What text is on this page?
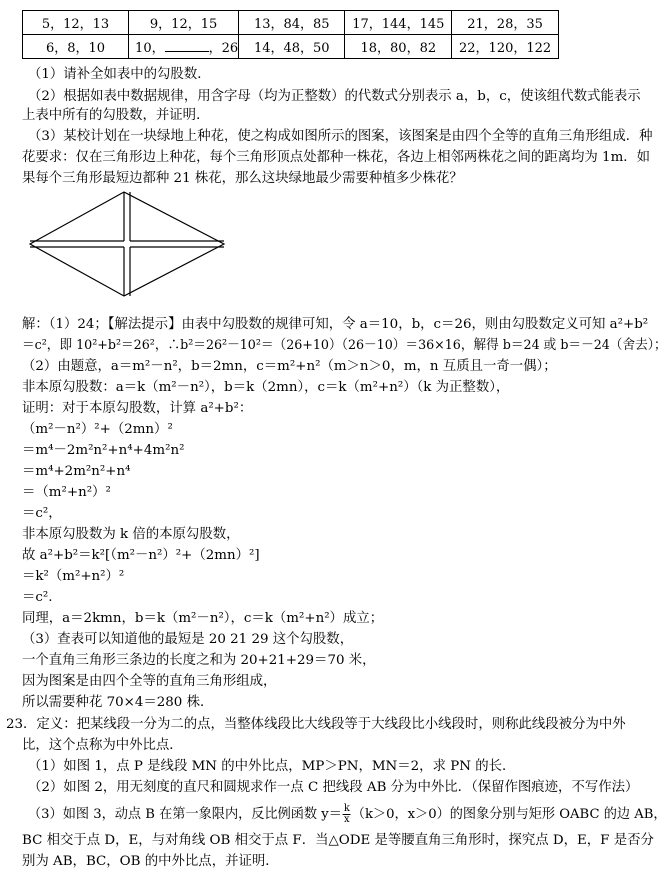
5，12，13	9，12，15	13，84，85	17，144，145	21，28，35
6，8，10	10， ，26	14，48，50	18，80，82	22，120，122
（1）请补全如表中的勾股数．
（2）根据如表中数据规律，用含字母（均为正整数）的代数式分别表示 a，b，c，使该组代数式能表示
上表中所有的勾股数，并证明．
（3）某校计划在一块绿地上种花，使之构成如图所示的图案，该图案是由四个全等的直角三角形组成．种
花要求：仅在三角形边上种花，每个三角形顶点处都种一株花，各边上相邻两株花之间的距离均为 1m．如
果每个三角形最短边都种 21 株花，那么这块绿地最少需要种植多少株花？
解：（1）24；【解法提示】由表中勾股数的规律可知，令 a＝10，b，c＝26，则由勾股数定义可知 a²+b²
＝c²，即 10²+b²＝26²，∴b²＝26²－10²＝（26+10）（26－10）＝36×16，解得 b＝24 或 b＝－24（舍去）；
（2）由题意，a＝m²－n²，b＝2mn，c＝m²+n²（m＞n＞0，m，n 互质且一奇一偶）；
非本原勾股数：a＝k（m²－n²），b＝k（2mn），c＝k（m²+n²）（k 为正整数），
证明：对于本原勾股数，计算 a²+b²：
（m²－n²）²+（2mn）²
＝m⁴－2m²n²+n⁴+4m²n²
＝m⁴+2m²n²+n⁴
＝（m²+n²）²
＝c²，
非本原勾股数为 k 倍的本原勾股数，
故 a²+b²＝k²[（m²－n²）²+（2mn）²]
＝k²（m²+n²）²
＝c².
同理，a＝2kmn，b＝k（m²－n²），c＝k（m²+n²）成立；
（3）查表可以知道他的最短是 20 21 29 这个勾股数，
一个直角三角形三条边的长度之和为 20+21+29＝70 米，
因为图案是由四个全等的直角三角形组成，
所以需要种花 70×4＝280 株．
23．定义：把某线段一分为二的点，当整体线段比大线段等于大线段比小线段时，则称此线段被分为中外
比，这个点称为中外比点．
（1）如图 1，点 P 是线段 MN 的中外比点，MP＞PN，MN＝2，求 PN 的长．
（2）如图 2，用无刻度的直尺和圆规求作一点 C 把线段 AB 分为中外比．（保留作图痕迹，不写作法）
（3）如图 3，动点 B 在第一象限内，反比例函数 $y= \frac{k}{x} (k>0$，x＞0）的图象分别与矩形 OABC 的边 AB，
BC 相交于点 D，E，与对角线 OB 相交于点 F．当△ODE 是等腰直角三角形时，探究点 D，E，F 是否分
别为 AB，BC，OB 的中外比点，并证明．
